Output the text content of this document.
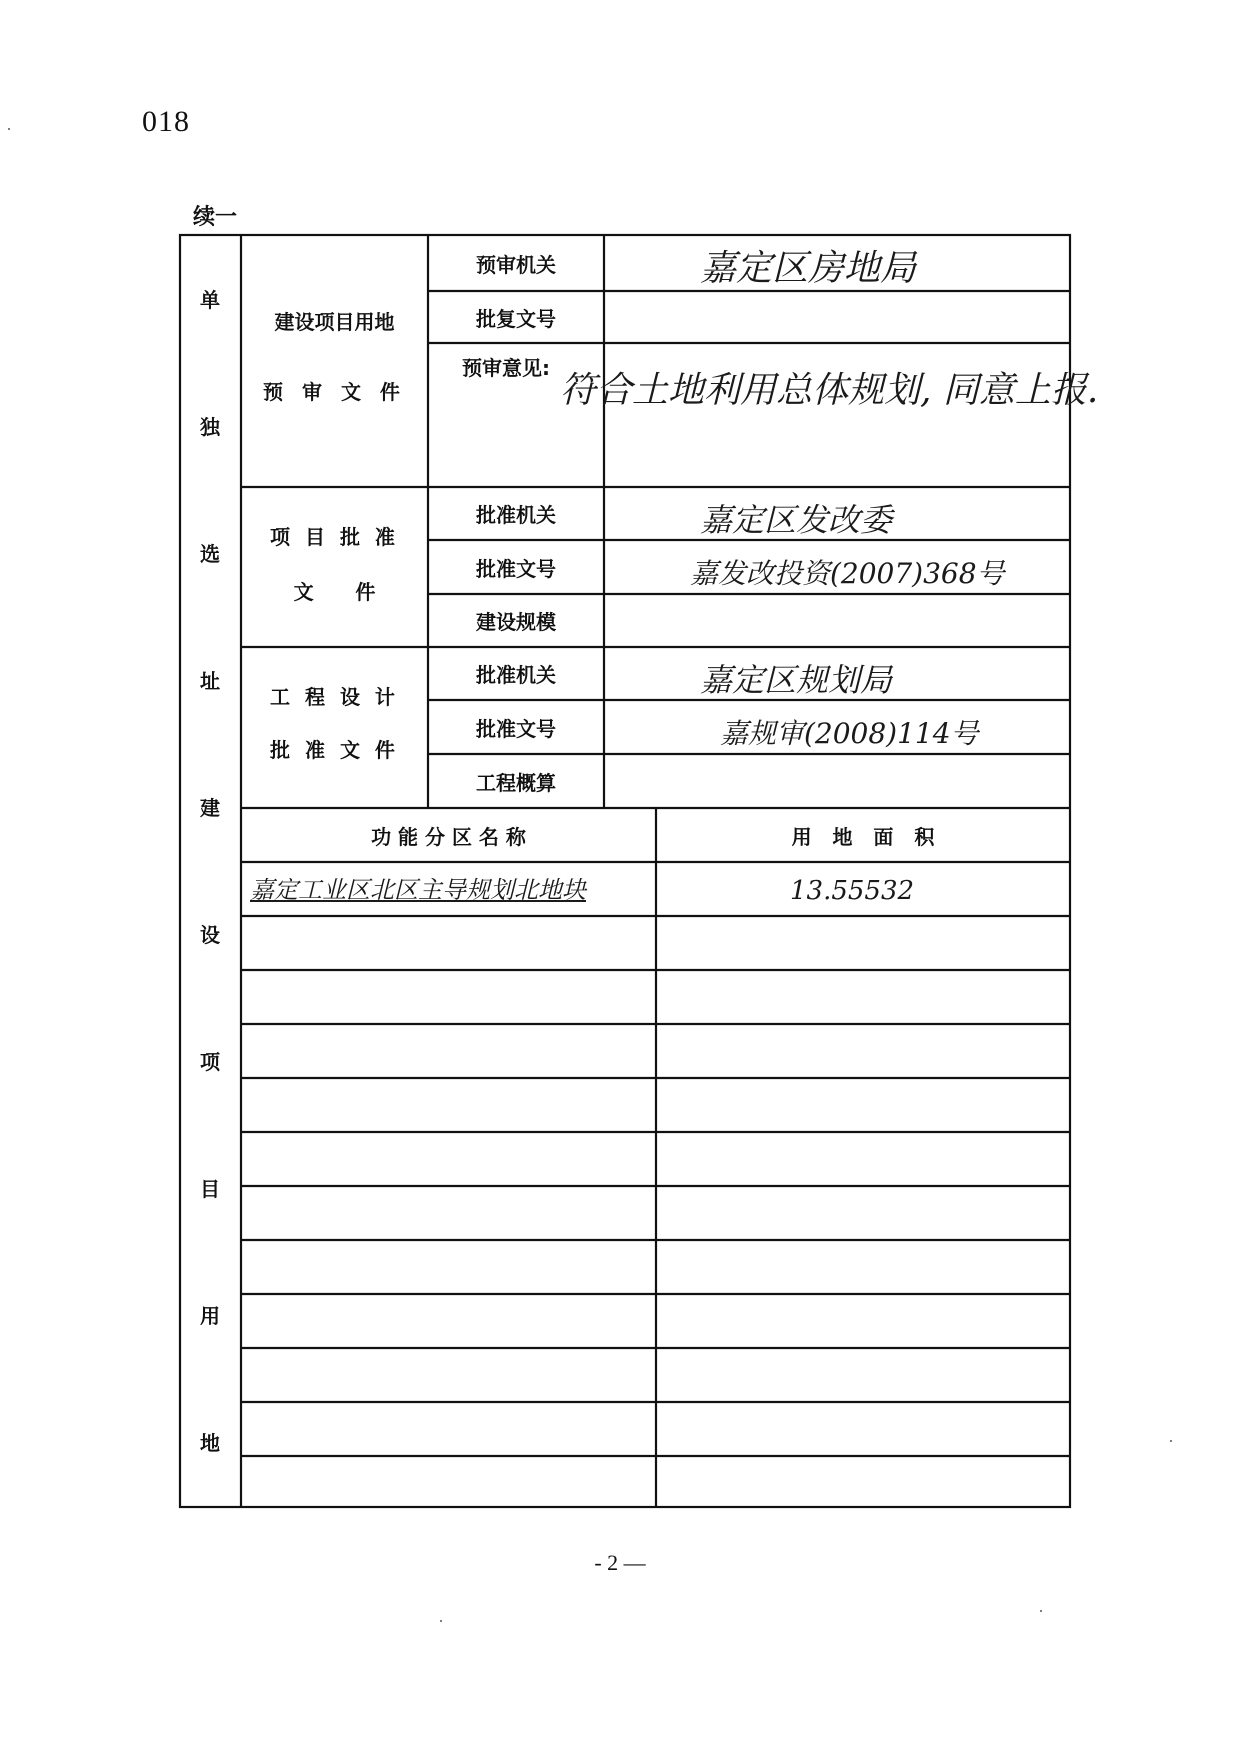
018
续一
单
独
选
址
建
设
项
目
用
地
建设项目用地
预 审 文 件
预审机关	嘉定区房地局
批复文号
预审意见:
符合土地利用总体规划, 同意上报.
项 目 批 准
文      件
批准机关	嘉定区发改委
批准文号	嘉发改投资(2007)368号
建设规模
工 程 设 计
批 准 文 件
批准机关	嘉定区规划局
批准文号	嘉规审(2008)114号
工程概算
功 能 分 区 名 称	用   地   面   积
嘉定工业区北区主导规划北地块	13.55532
- 2 —
